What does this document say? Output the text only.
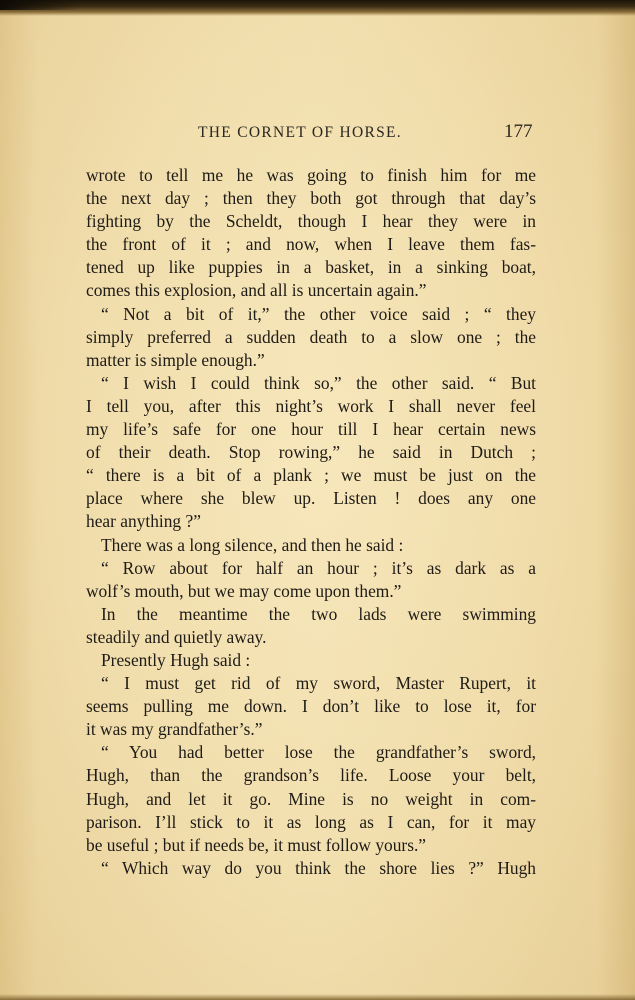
THE CORNET OF HORSE.	177
wrote to tell me he was going to finish him for me
the next day ; then they both got through that day’s
fighting by the Scheldt, though I hear they were in
the front of it ; and now, when I leave them fas-
tened up like puppies in a basket, in a sinking boat,
comes this explosion, and all is uncertain again.”
“ Not a bit of it,” the other voice said ; “ they
simply preferred a sudden death to a slow one ; the
matter is simple enough.”
“ I wish I could think so,” the other said. “ But
I tell you, after this night’s work I shall never feel
my life’s safe for one hour till I hear certain news
of their death. Stop rowing,” he said in Dutch ;
“ there is a bit of a plank ; we must be just on the
place where she blew up. Listen ! does any one
hear anything ?”
There was a long silence, and then he said :
“ Row about for half an hour ; it’s as dark as a
wolf’s mouth, but we may come upon them.”
In the meantime the two lads were swimming
steadily and quietly away.
Presently Hugh said :
“ I must get rid of my sword, Master Rupert, it
seems pulling me down. I don’t like to lose it, for
it was my grandfather’s.”
“ You had better lose the grandfather’s sword,
Hugh, than the grandson’s life. Loose your belt,
Hugh, and let it go. Mine is no weight in com-
parison. I’ll stick to it as long as I can, for it may
be useful ; but if needs be, it must follow yours.”
“ Which way do you think the shore lies ?” Hugh
